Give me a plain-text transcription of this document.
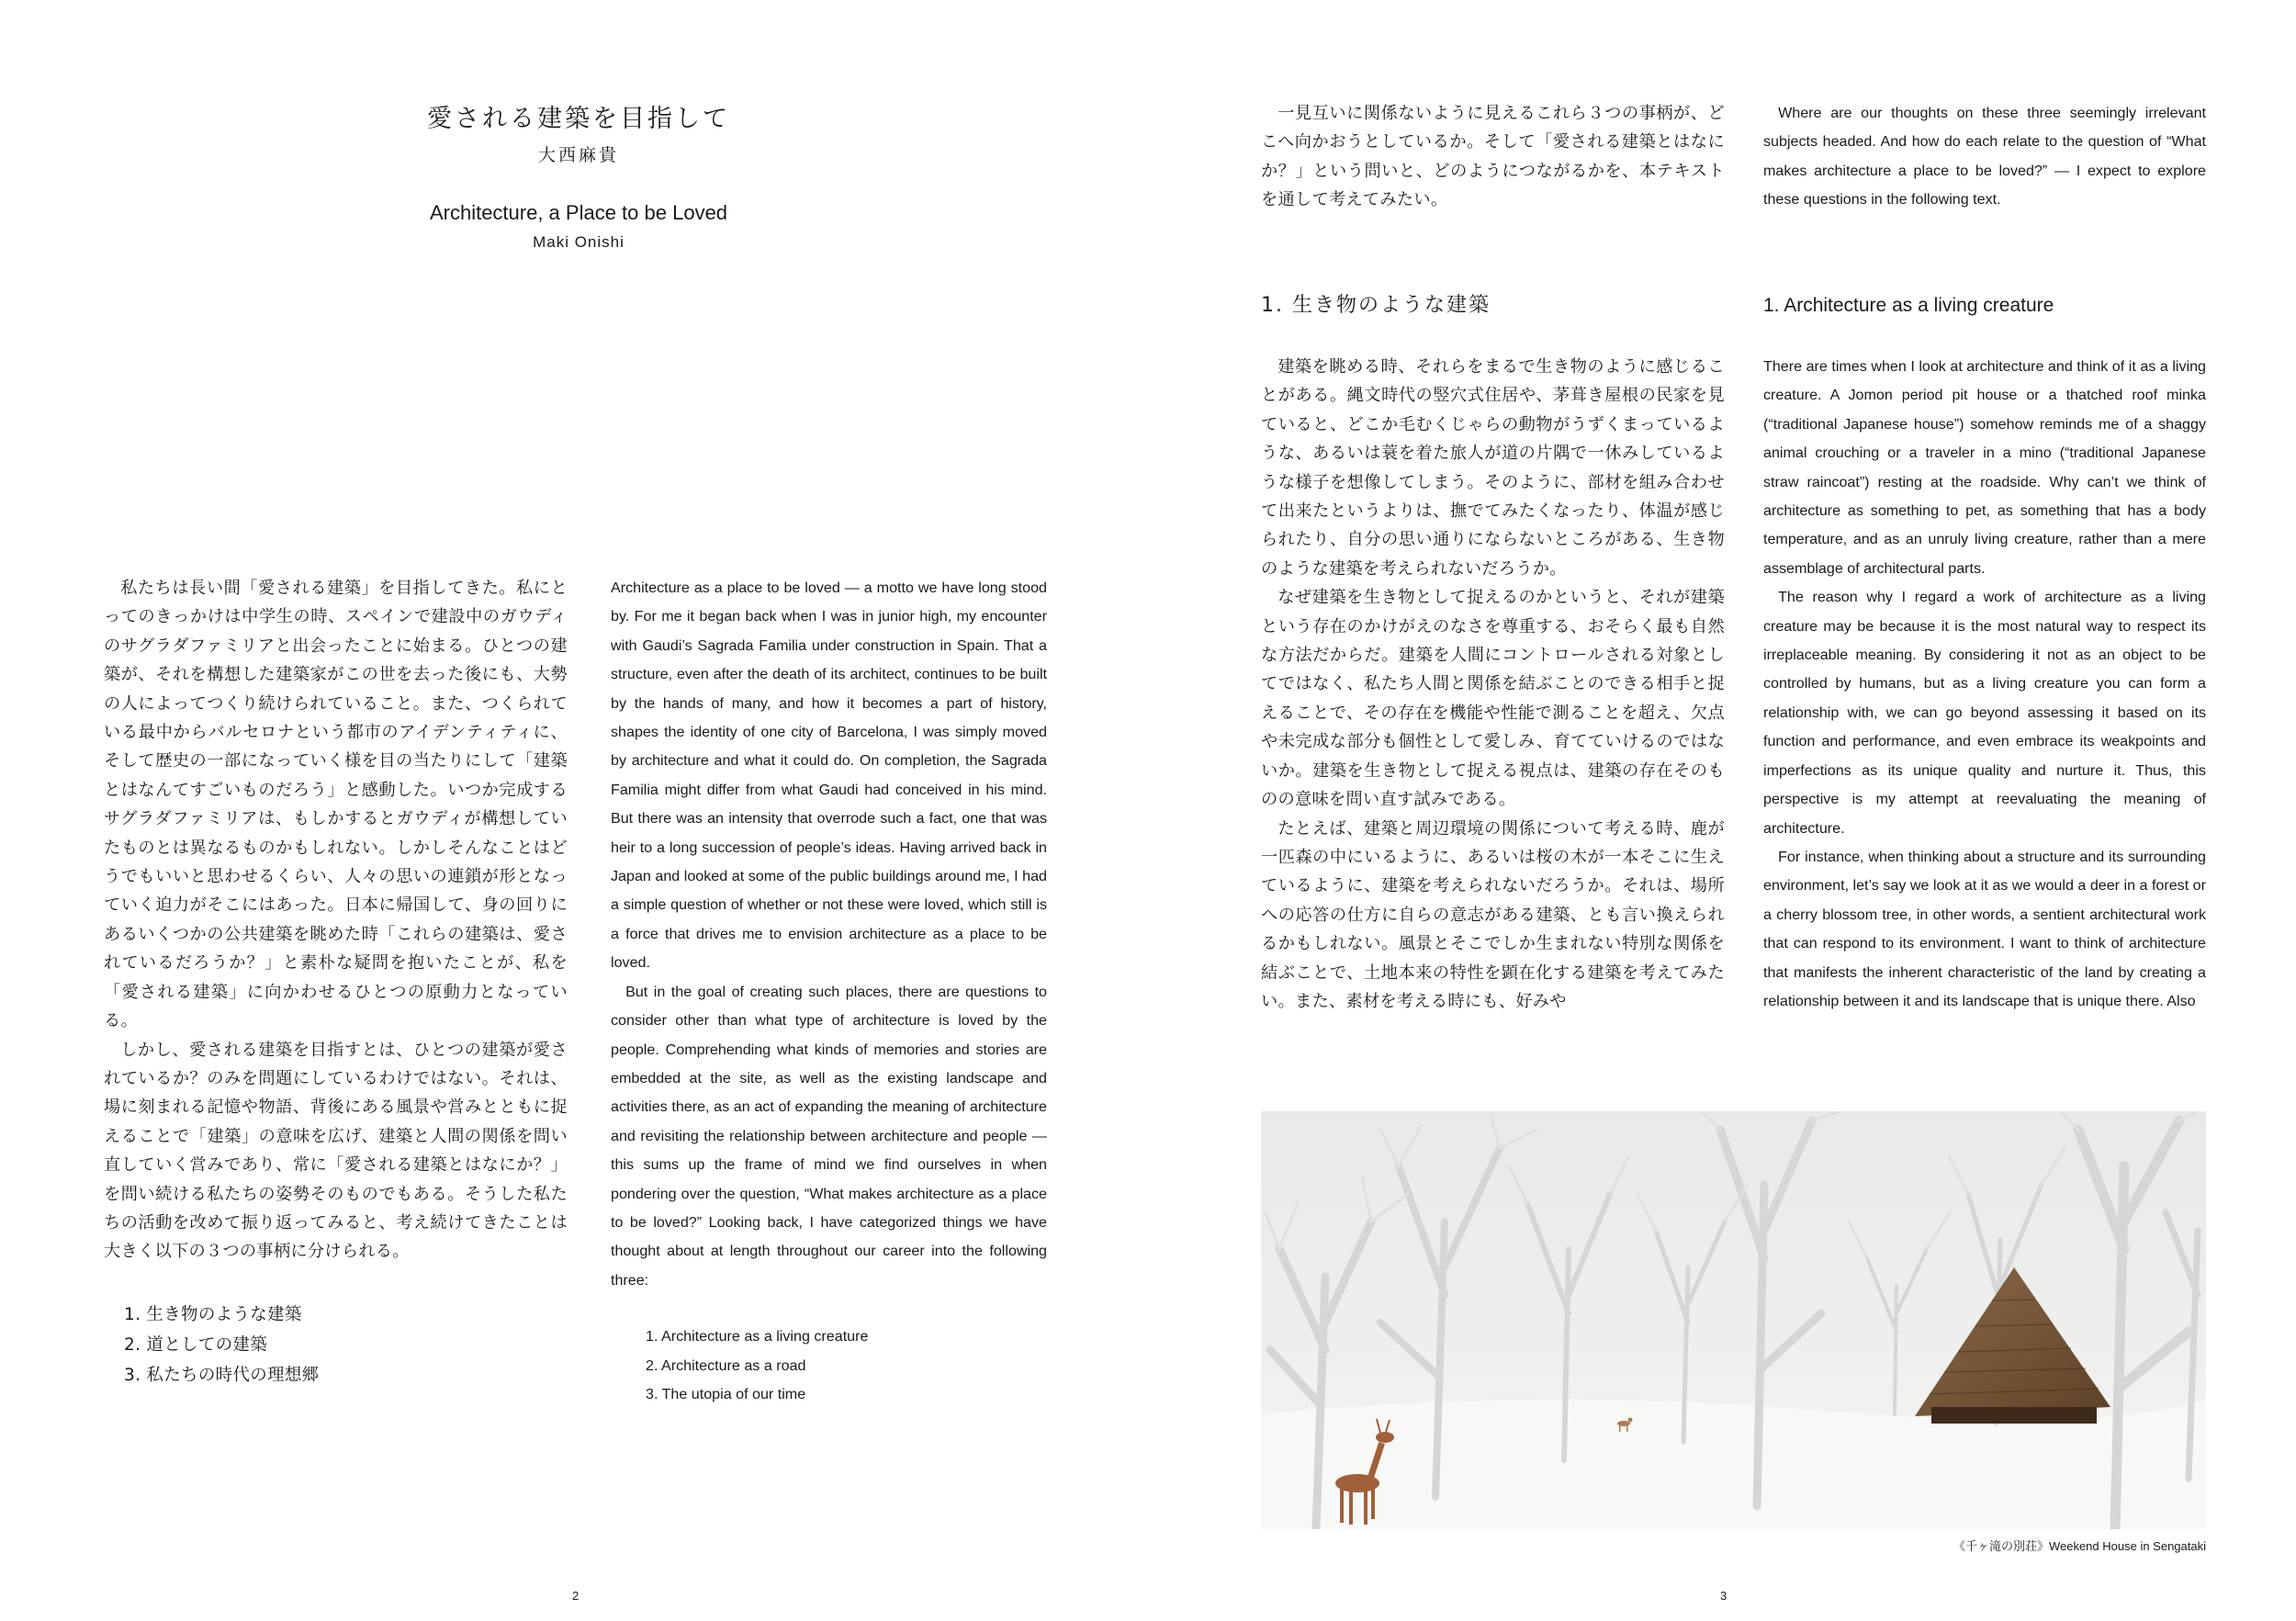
愛される建築を目指して
大西麻貴
Architecture, a Place to be Loved
Maki Onishi

私たちは長い間「愛される建築」を目指してきた。私にとってのきっかけは中学生の時、スペインで建設中のガウディのサグラダファミリアと出会ったことに始まる。ひとつの建築が、それを構想した建築家がこの世を去った後にも、大勢の人によってつくり続けられていること。また、つくられている最中からバルセロナという都市のアイデンティティに、そして歴史の一部になっていく様を目の当たりにして「建築とはなんてすごいものだろう」と感動した。いつか完成するサグラダファミリアは、もしかするとガウディが構想していたものとは異なるものかもしれない。しかしそんなことはどうでもいいと思わせるくらい、人々の思いの連鎖が形となっていく迫力がそこにはあった。日本に帰国して、身の回りにあるいくつかの公共建築を眺めた時「これらの建築は、愛されているだろうか？」と素朴な疑問を抱いたことが、私を「愛される建築」に向かわせるひとつの原動力となっている。

しかし、愛される建築を目指すとは、ひとつの建築が愛されているか？のみを問題にしているわけではない。それは、場に刻まれる記憶や物語、背後にある風景や営みとともに捉えることで「建築」の意味を広げ、建築と人間の関係を問い直していく営みであり、常に「愛される建築とはなにか？」を問い続ける私たちの姿勢そのものでもある。そうした私たちの活動を改めて振り返ってみると、考え続けてきたことは大きく以下の３つの事柄に分けられる。

1. 生き物のような建築
2. 道としての建築
3. 私たちの時代の理想郷

Architecture as a place to be loved — a motto we have long stood by. For me it began back when I was in junior high, my encounter with Gaudi’s Sagrada Familia under construction in Spain. That a structure, even after the death of its architect, continues to be built by the hands of many, and how it becomes a part of history, shapes the identity of one city of Barcelona, I was simply moved by architecture and what it could do. On completion, the Sagrada Familia might differ from what Gaudi had conceived in his mind. But there was an intensity that overrode such a fact, one that was heir to a long succession of people’s ideas. Having arrived back in Japan and looked at some of the public buildings around me, I had a simple question of whether or not these were loved, which still is a force that drives me to envision architecture as a place to be loved.

But in the goal of creating such places, there are questions to consider other than what type of architecture is loved by the people. Comprehending what kinds of memories and stories are embedded at the site, as well as the existing landscape and activities there, as an act of expanding the meaning of architecture and revisiting the relationship between architecture and people — this sums up the frame of mind we find ourselves in when pondering over the question, “What makes architecture as a place to be loved?” Looking back, I have categorized things we have thought about at length throughout our career into the following three:

1. Architecture as a living creature
2. Architecture as a road
3. The utopia of our time
2

一見互いに関係ないように見えるこれら３つの事柄が、どこへ向かおうとしているか。そして「愛される建築とはなにか？」という問いと、どのようにつながるかを、本テキストを通して考えてみたい。

Where are our thoughts on these three seemingly irrelevant subjects headed. And how do each relate to the question of “What makes architecture a place to be loved?” — I expect to explore these questions in the following text.

1. 生き物のような建築	1. Architecture as a living creature

建築を眺める時、それらをまるで生き物のように感じることがある。縄文時代の竪穴式住居や、茅葺き屋根の民家を見ていると、どこか毛むくじゃらの動物がうずくまっているような、あるいは蓑を着た旅人が道の片隅で一休みしているような様子を想像してしまう。そのように、部材を組み合わせて出来たというよりは、撫でてみたくなったり、体温が感じられたり、自分の思い通りにならないところがある、生き物のような建築を考えられないだろうか。

なぜ建築を生き物として捉えるのかというと、それが建築という存在のかけがえのなさを尊重する、おそらく最も自然な方法だからだ。建築を人間にコントロールされる対象としてではなく、私たち人間と関係を結ぶことのできる相手と捉えることで、その存在を機能や性能で測ることを超え、欠点や未完成な部分も個性として愛しみ、育てていけるのではないか。建築を生き物として捉える視点は、建築の存在そのものの意味を問い直す試みである。

たとえば、建築と周辺環境の関係について考える時、鹿が一匹森の中にいるように、あるいは桜の木が一本そこに生えているように、建築を考えられないだろうか。それは、場所への応答の仕方に自らの意志がある建築、とも言い換えられるかもしれない。風景とそこでしか生まれない特別な関係を結ぶことで、土地本来の特性を顕在化する建築を考えてみたい。また、素材を考える時にも、好みや

There are times when I look at architecture and think of it as a living creature. A Jomon period pit house or a thatched roof minka (“traditional Japanese house”) somehow reminds me of a shaggy animal crouching or a traveler in a mino (“traditional Japanese straw raincoat”) resting at the roadside. Why can’t we think of architecture as something to pet, as something that has a body temperature, and as an unruly living creature, rather than a mere assemblage of architectural parts.

The reason why I regard a work of architecture as a living creature may be because it is the most natural way to respect its irreplaceable meaning. By considering it not as an object to be controlled by humans, but as a living creature you can form a relationship with, we can go beyond assessing it based on its function and performance, and even embrace its weakpoints and imperfections as its unique quality and nurture it. Thus, this perspective is my attempt at reevaluating the meaning of architecture.

For instance, when thinking about a structure and its surrounding environment, let’s say we look at it as we would a deer in a forest or a cherry blossom tree, in other words, a sentient architectural work that can respond to its environment. I want to think of architecture that manifests the inherent characteristic of the land by creating a relationship between it and its landscape that is unique there. Also

《千ヶ滝の別荘》Weekend House in Sengataki
3
